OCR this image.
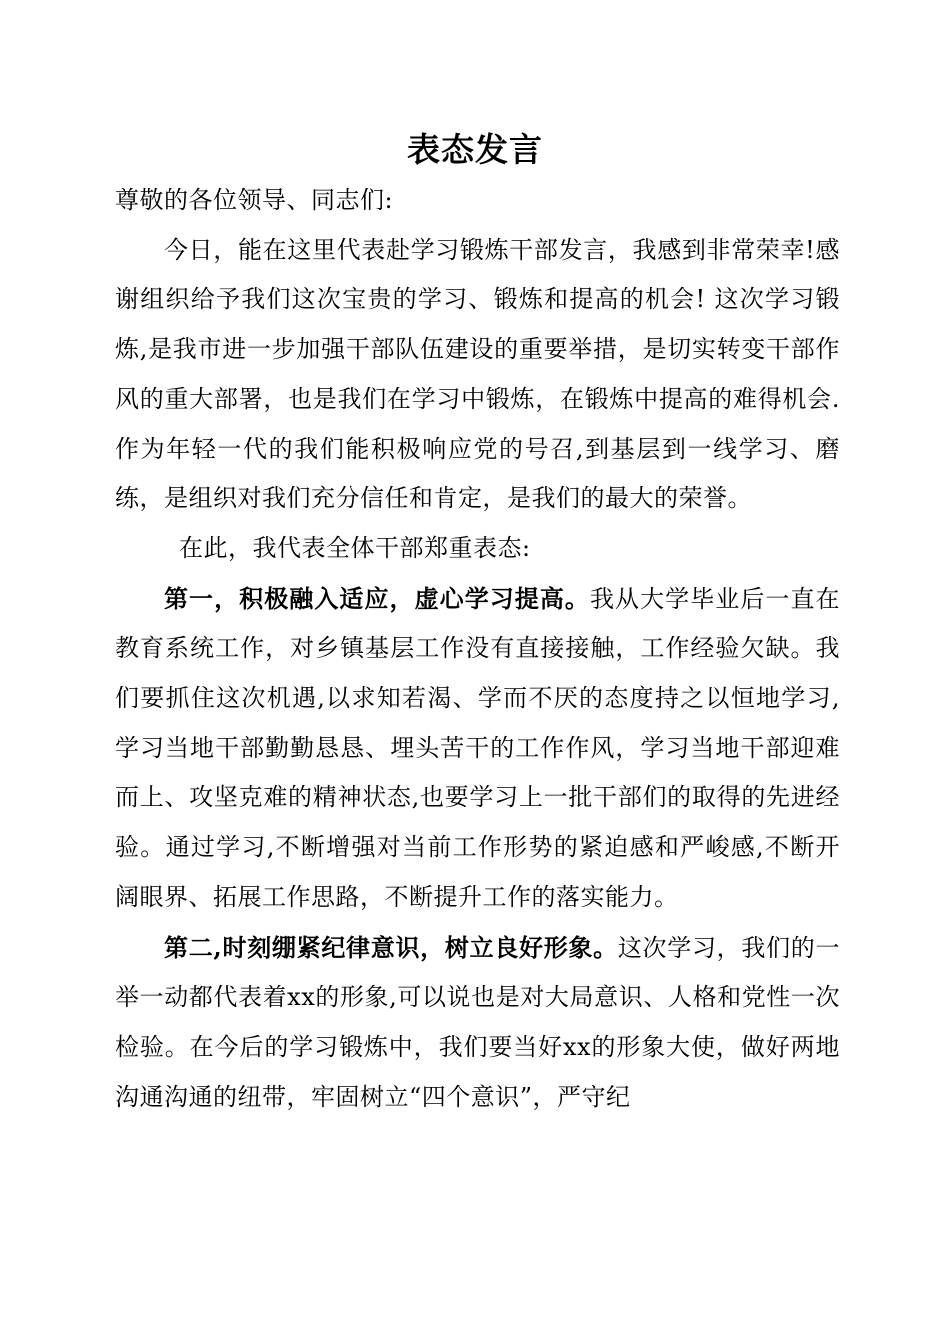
表态发言

尊敬的各位领导、同志们:

今日，能在这里代表赴学习锻炼干部发言，我感到非常荣幸!感谢组织给予我们这次宝贵的学习、锻炼和提高的机会! 这次学习锻炼,是我市进一步加强干部队伍建设的重要举措，是切实转变干部作风的重大部署，也是我们在学习中锻炼，在锻炼中提高的难得机会.作为年轻一代的我们能积极响应党的号召,到基层到一线学习、磨练，是组织对我们充分信任和肯定，是我们的最大的荣誉。

在此，我代表全体干部郑重表态:

第一，积极融入适应，虚心学习提高。我从大学毕业后一直在教育系统工作，对乡镇基层工作没有直接接触，工作经验欠缺。我们要抓住这次机遇,以求知若渴、学而不厌的态度持之以恒地学习,学习当地干部勤勤恳恳、埋头苦干的工作作风，学习当地干部迎难而上、攻坚克难的精神状态,也要学习上一批干部们的取得的先进经验。通过学习,不断增强对当前工作形势的紧迫感和严峻感,不断开阔眼界、拓展工作思路，不断提升工作的落实能力。

第二,时刻绷紧纪律意识，树立良好形象。这次学习，我们的一举一动都代表着xx的形象,可以说也是对大局意识、人格和党性一次检验。在今后的学习锻炼中，我们要当好xx的形象大使，做好两地沟通沟通的纽带，牢固树立“四个意识”，严守纪
